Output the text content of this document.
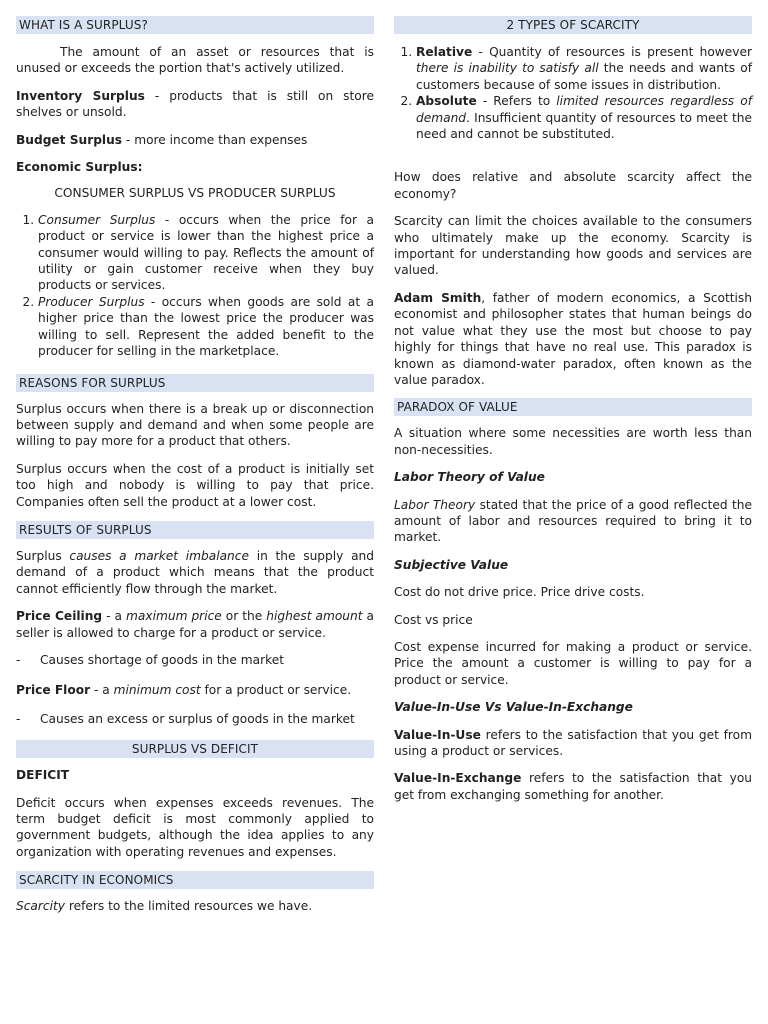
WHAT IS A SURPLUS?

The amount of an asset or resources that is unused or exceeds the portion that's actively utilized.

Inventory Surplus - products that is still on store shelves or unsold.

Budget Surplus - more income than expenses

Economic Surplus:

CONSUMER SURPLUS VS PRODUCER SURPLUS

1. Consumer Surplus - occurs when the price for a product or service is lower than the highest price a consumer would willing to pay. Reflects the amount of utility or gain customer receive when they buy products or services.
2. Producer Surplus - occurs when goods are sold at a higher price than the lowest price the producer was willing to sell. Represent the added benefit to the producer for selling in the marketplace.
REASONS FOR SURPLUS

Surplus occurs when there is a break up or disconnection between supply and demand and when some people are willing to pay more for a product that others.

Surplus occurs when the cost of a product is initially set too high and nobody is willing to pay that price. Companies often sell the product at a lower cost.

RESULTS OF SURPLUS

Surplus causes a market imbalance in the supply and demand of a product which means that the product cannot efficiently flow through the market.

Price Ceiling - a maximum price or the highest amount a seller is allowed to charge for a product or service.

- Causes shortage of goods in the market

Price Floor - a minimum cost for a product or service.

- Causes an excess or surplus of goods in the market
SURPLUS VS DEFICIT

DEFICIT

Deficit occurs when expenses exceeds revenues. The term budget deficit is most commonly applied to government budgets, although the idea applies to any organization with operating revenues and expenses.

SCARCITY IN ECONOMICS

Scarcity refers to the limited resources we have.

2 TYPES OF SCARCITY
1. Relative - Quantity of resources is present however there is inability to satisfy all the needs and wants of customers because of some issues in distribution.
2. Absolute - Refers to limited resources regardless of demand. Insufficient quantity of resources to meet the need and cannot be substituted.

How does relative and absolute scarcity affect the economy?

Scarcity can limit the choices available to the consumers who ultimately make up the economy. Scarcity is important for understanding how goods and services are valued.

Adam Smith, father of modern economics, a Scottish economist and philosopher states that human beings do not value what they use the most but choose to pay highly for things that have no real use. This paradox is known as diamond-water paradox, often known as the value paradox.

PARADOX OF VALUE

A situation where some necessities are worth less than non-necessities.

Labor Theory of Value

Labor Theory stated that the price of a good reflected the amount of labor and resources required to bring it to market.

Subjective Value

Cost do not drive price. Price drive costs.

Cost vs price

Cost expense incurred for making a product or service. Price the amount a customer is willing to pay for a product or service.

Value-In-Use Vs Value-In-Exchange

Value-In-Use refers to the satisfaction that you get from using a product or services.

Value-In-Exchange refers to the satisfaction that you get from exchanging something for another.
